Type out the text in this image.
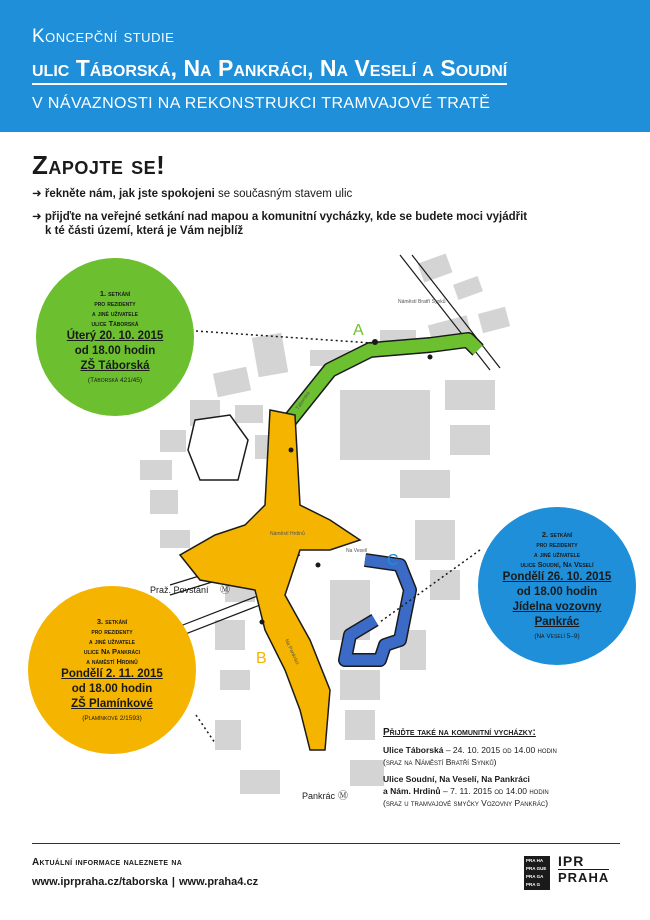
Koncepční studie
ulic Táborská, Na Pankráci, Na Veselí a Soudní
V NÁVAZNOSTI NA REKONSTRUKCI TRAMVAJOVÉ TRATĚ
Zapojte se!
➜ řekněte nám, jak jste spokojeni se současným stavem ulic
➜ přijďte na veřejné setkání nad mapou a komunitní vycházky, kde se budete moci vyjádřit
k té části území, která je Vám nejblíž
A
B
C
Náměstí Bratří Synků
Náměstí Hrdinů
Táborská
Na Pankráci
Na Veselí
Praž. Povstání Ⓜ
Pankrác Ⓜ
1. setkání
pro rezidenty
a jiné uživatele
ulice Táborská
Úterý 20. 10. 2015
od 18.00 hodin
ZŠ Táborská
(Táborská 421/45)
2. setkání
pro rezidenty
a jiné uživatele
ulice Soudní, Na Veselí
Pondělí 26. 10. 2015
od 18.00 hodin
Jídelna vozovny
Pankrác
(Na Veselí 5–9)
3. setkání
pro rezidenty
a jiné uživatele
ulice Na Pankráci
a náměstí Hrdinů
Pondělí 2. 11. 2015
od 18.00 hodin
ZŠ Plamínkové
(Plamínkové 2/1593)
Přijďte také na komunitní vycházky:
Ulice Táborská – 24. 10. 2015 od 14.00 hodin
(sraz na Náměstí Bratří Synků)
Ulice Soudní, Na Veselí, Na Pankráci
a Nám. Hrdinů – 7. 11. 2015 od 14.00 hodin
(sraz u tramvajové smyčky Vozovny Pankrác)
Aktuální informace naleznete na
www.iprpraha.cz/taborska | www.praha4.cz
PRA HA
PRA GUE
PRA GA
PRA G
IPR
PRAHA
